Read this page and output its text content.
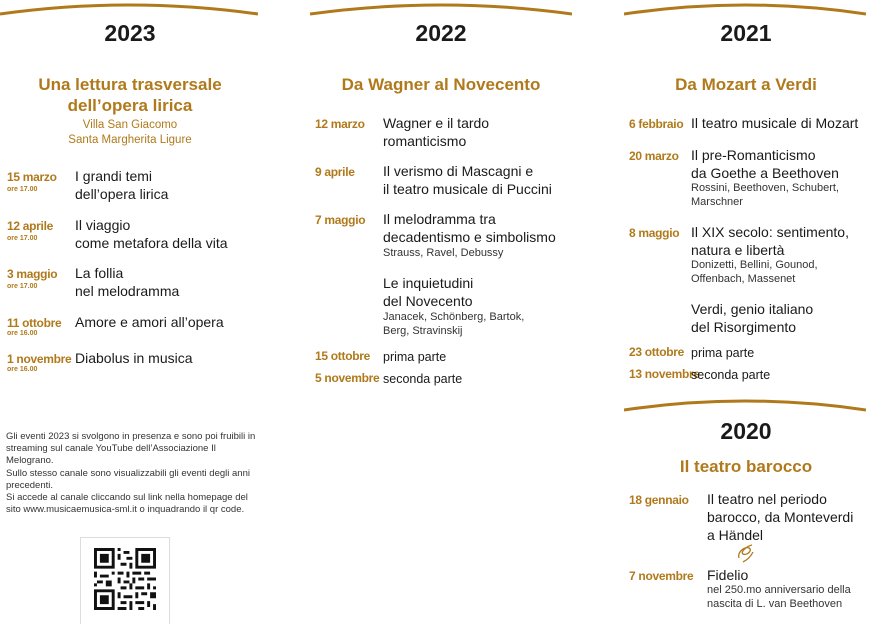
2023
Una lettura trasversale
dell’opera lirica
Villa San Giacomo
Santa Margherita Ligure
15 marzo
ore 17.00
I grandi temi
dell’opera lirica
12 aprile
ore 17.00
Il viaggio
come metafora della vita
3 maggio
ore 17.00
La follia
nel melodramma
11 ottobre
ore 16.00
Amore e amori all’opera
1 novembre
ore 16.00
Diabolus in musica

Gli eventi 2023 si svolgono in presenza e sono poi fruibili in streaming sul canale YouTube dell’Associazione Il Melograno.

Sullo stesso canale sono visualizzabili gli eventi degli anni precedenti.

Si accede al canale cliccando sul link nella homepage del sito www.musicaemusica-sml.it o inquadrando il qr code.

2022
Da Wagner al Novecento
12 marzo Wagner e il tardo
romanticismo
9 aprile Il verismo di Mascagni e
il teatro musicale di Puccini
7 maggio Il melodramma tra
decadentismo e simbolismo
Strauss, Ravel, Debussy
Le inquietudini
del Novecento
Janacek, Schönberg, Bartok,
Berg, Stravinskij
15 ottobre prima parte
5 novembre seconda parte
2021
Da Mozart a Verdi
6 febbraio Il teatro musicale di Mozart
20 marzo Il pre-Romanticismo
da Goethe a Beethoven
Rossini, Beethoven, Schubert,
Marschner
8 maggio Il XIX secolo: sentimento,
natura e libertà
Donizetti, Bellini, Gounod,
Offenbach, Massenet
Verdi, genio italiano
del Risorgimento
23 ottobre prima parte
13 novembre
seconda parte
2020
Il teatro barocco
18 gennaio Il teatro nel periodo
barocco, da Monteverdi
a Händel
7 novembre Fidelio
nel 250.mo anniversario della
nascita di L. van Beethoven
